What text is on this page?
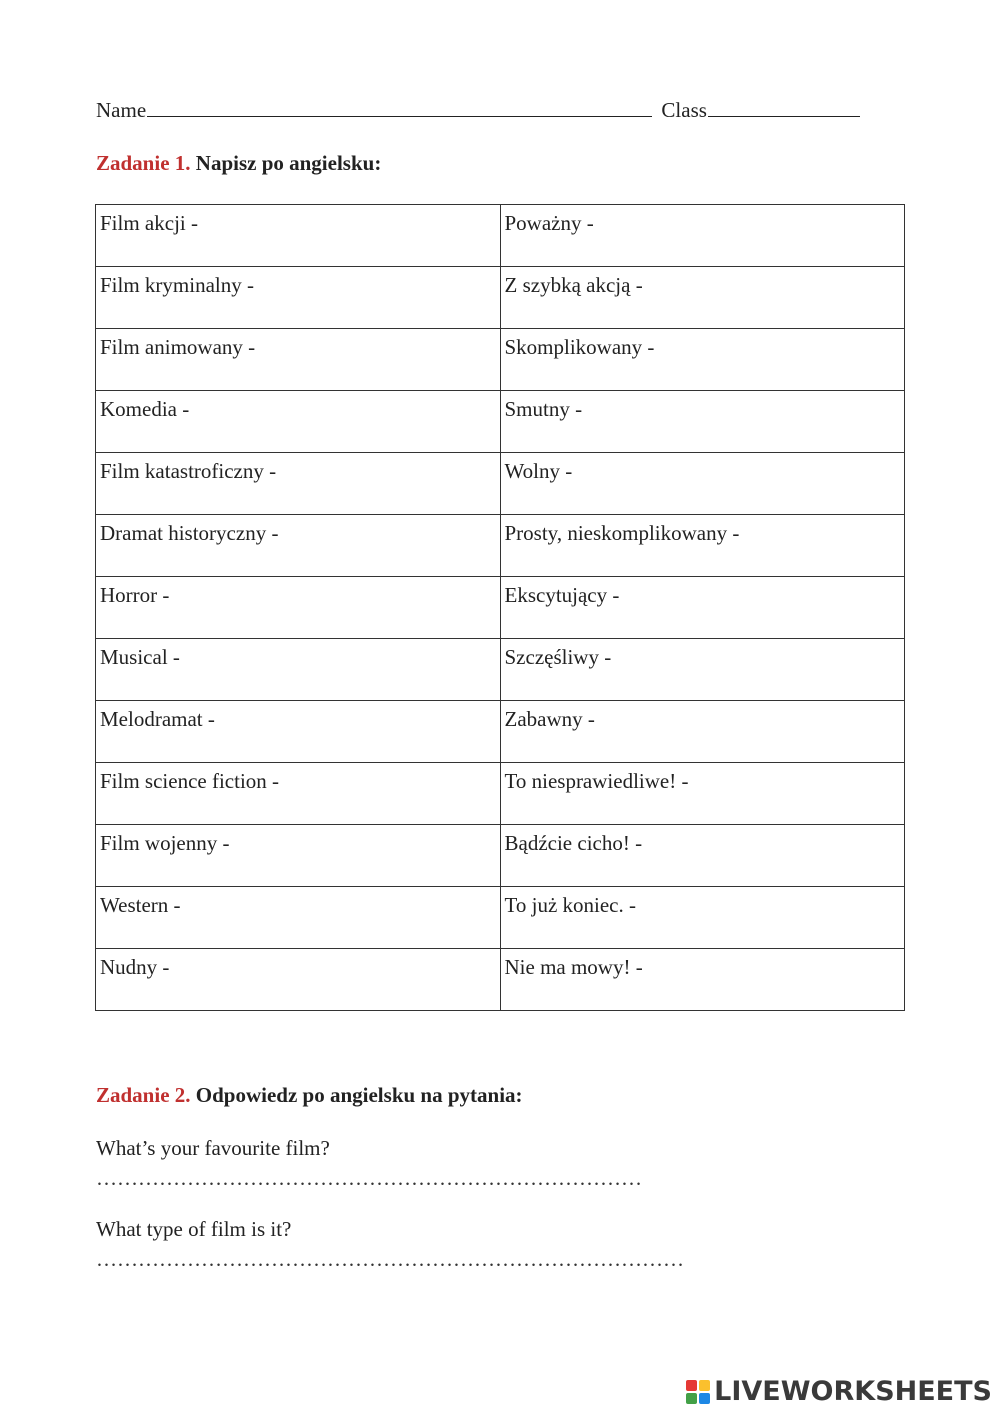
Name	Class
Zadanie 1. Napisz po angielsku:
Film akcji -	Poważny -
Film kryminalny -	Z szybką akcją -
Film animowany -	Skomplikowany -
Komedia -	Smutny -
Film katastroficzny -	Wolny -
Dramat historyczny -	Prosty, nieskomplikowany -
Horror -	Ekscytujący -
Musical -	Szczęśliwy -
Melodramat -	Zabawny -
Film science fiction -	To niesprawiedliwe! -
Film wojenny -	Bądźcie cicho! -
Western -	To już koniec. -
Nudny -	Nie ma mowy! -
Zadanie 2. Odpowiedz po angielsku na pytania:
What’s your favourite film?
……………………………………………………………………
What type of film is it?
…………………………………………………………………………
LIVEWORKSHEETS
